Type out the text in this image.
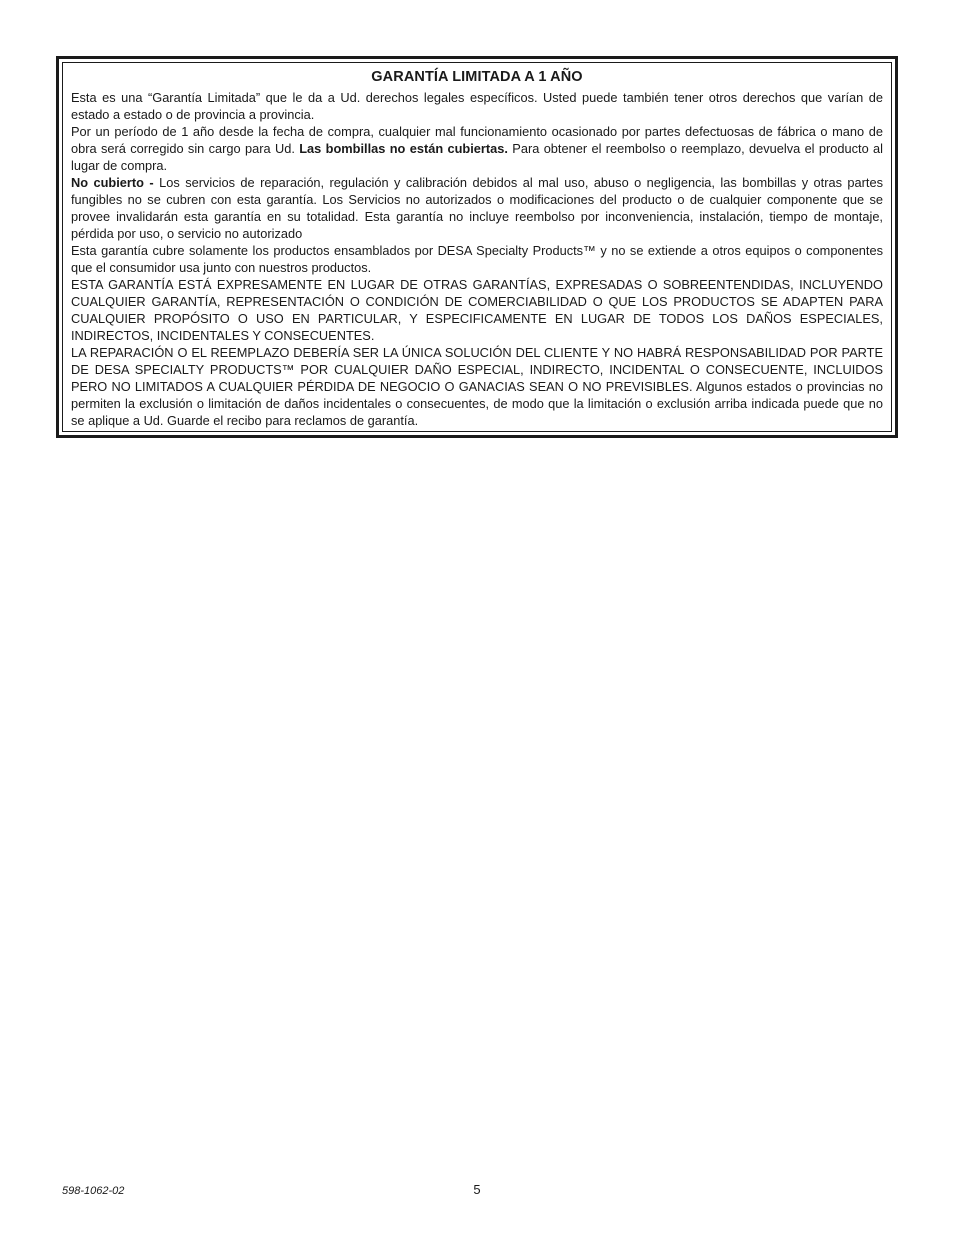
GARANTÍA LIMITADA A 1 AÑO

Esta es una “Garantía Limitada” que le da a Ud. derechos legales específicos. Usted puede también tener otros derechos que varían de estado a estado o de provincia a provincia.

Por un período de 1 año desde la fecha de compra, cualquier mal funcionamiento ocasionado por partes defectuosas de fábrica o mano de obra será corregido sin cargo para Ud. Las bombillas no están cubiertas. Para obtener el reembolso o reemplazo, devuelva el producto al lugar de compra.

No cubierto - Los servicios de reparación, regulación y calibración debidos al mal uso, abuso o negligencia, las bombillas y otras partes fungibles no se cubren con esta garantía. Los Servicios no autorizados o modificaciones del producto o de cualquier componente que se provee invalidarán esta garantía en su totalidad. Esta garantía no incluye reembolso por inconveniencia, instalación, tiempo de montaje, pérdida por uso, o servicio no autorizado

Esta garantía cubre solamente los productos ensamblados por DESA Specialty Products™ y no se extiende a otros equipos o componentes que el consumidor usa junto con nuestros productos.

ESTA GARANTÍA ESTÁ EXPRESAMENTE EN LUGAR DE OTRAS GARANTÍAS, EXPRESADAS O SOBREENTENDIDAS, INCLUYENDO CUALQUIER GARANTÍA, REPRESENTACIÓN O CONDICIÓN DE COMERCIABILIDAD O QUE LOS PRODUCTOS SE ADAPTEN PARA CUALQUIER PROPÓSITO O USO EN PARTICULAR, Y ESPECIFICAMENTE EN LUGAR DE TODOS LOS DAÑOS ESPECIALES, INDIRECTOS, INCIDENTALES Y CONSECUENTES.

LA REPARACIÓN O EL REEMPLAZO DEBERÍA SER LA ÚNICA SOLUCIÓN DEL CLIENTE Y NO HABRÁ RESPONSABILIDAD POR PARTE DE DESA SPECIALTY PRODUCTS™ POR CUALQUIER DAÑO ESPECIAL, INDIRECTO, INCIDENTAL O CONSECUENTE, INCLUIDOS PERO NO LIMITADOS A CUALQUIER PÉRDIDA DE NEGOCIO O GANACIAS SEAN O NO PREVISIBLES. Algunos estados o provincias no permiten la exclusión o limitación de daños incidentales o consecuentes, de modo que la limitación o exclusión arriba indicada puede que no se aplique a Ud. Guarde el recibo para reclamos de garantía.

598-1062-02	5
